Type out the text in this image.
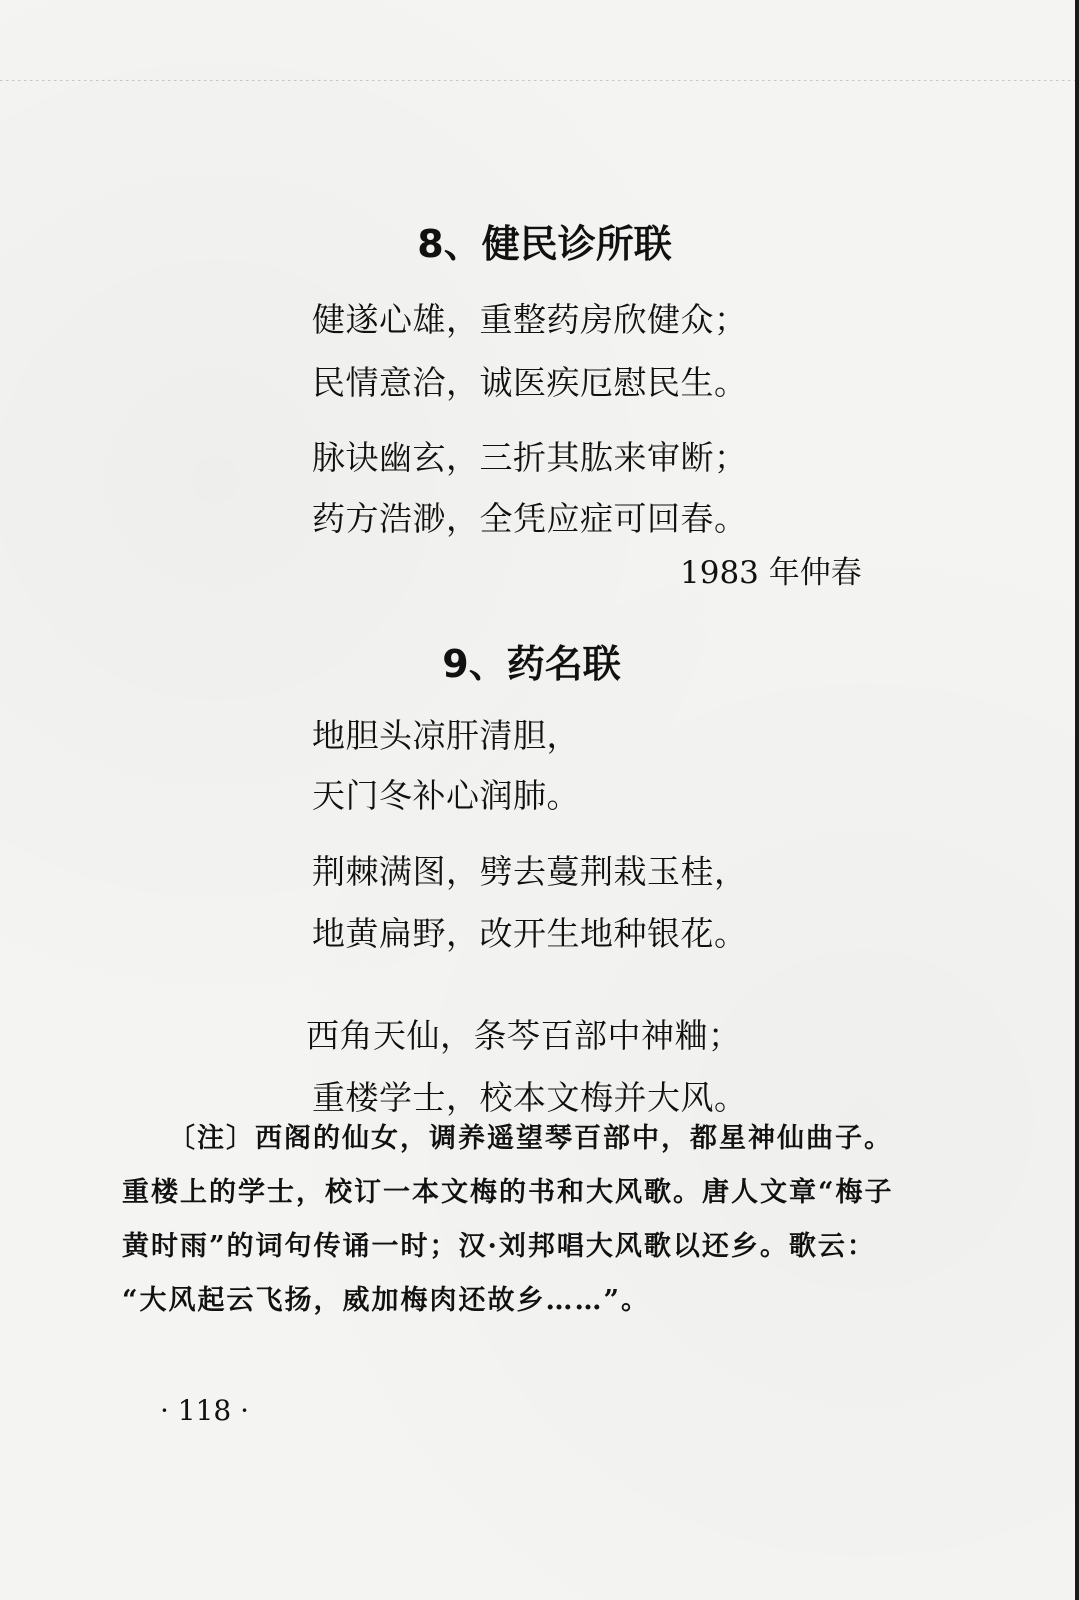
8、健民诊所联
健遂心雄，重整药房欣健众；
民情意洽，诚医疾厄慰民生。
脉诀幽玄，三折其肱来审断；
药方浩渺，全凭应症可回春。
1983 年仲春
9、药名联
地胆头凉肝清胆，
天门冬补心润肺。
荆棘满图，劈去蔓荆栽玉桂，
地黄扁野，改开生地种银花。
西角天仙，条芩百部中神粬；
重楼学士，校本文梅并大风。
〔注〕西阁的仙女，调养遥望琴百部中，都星神仙曲子。
重楼上的学士，校订一本文梅的书和大风歌。唐人文章“梅子
黄时雨”的词句传诵一时；汉·刘邦唱大风歌以还乡。歌云：
“大风起云飞扬，威加梅肉还故乡……”。
· 118 ·
